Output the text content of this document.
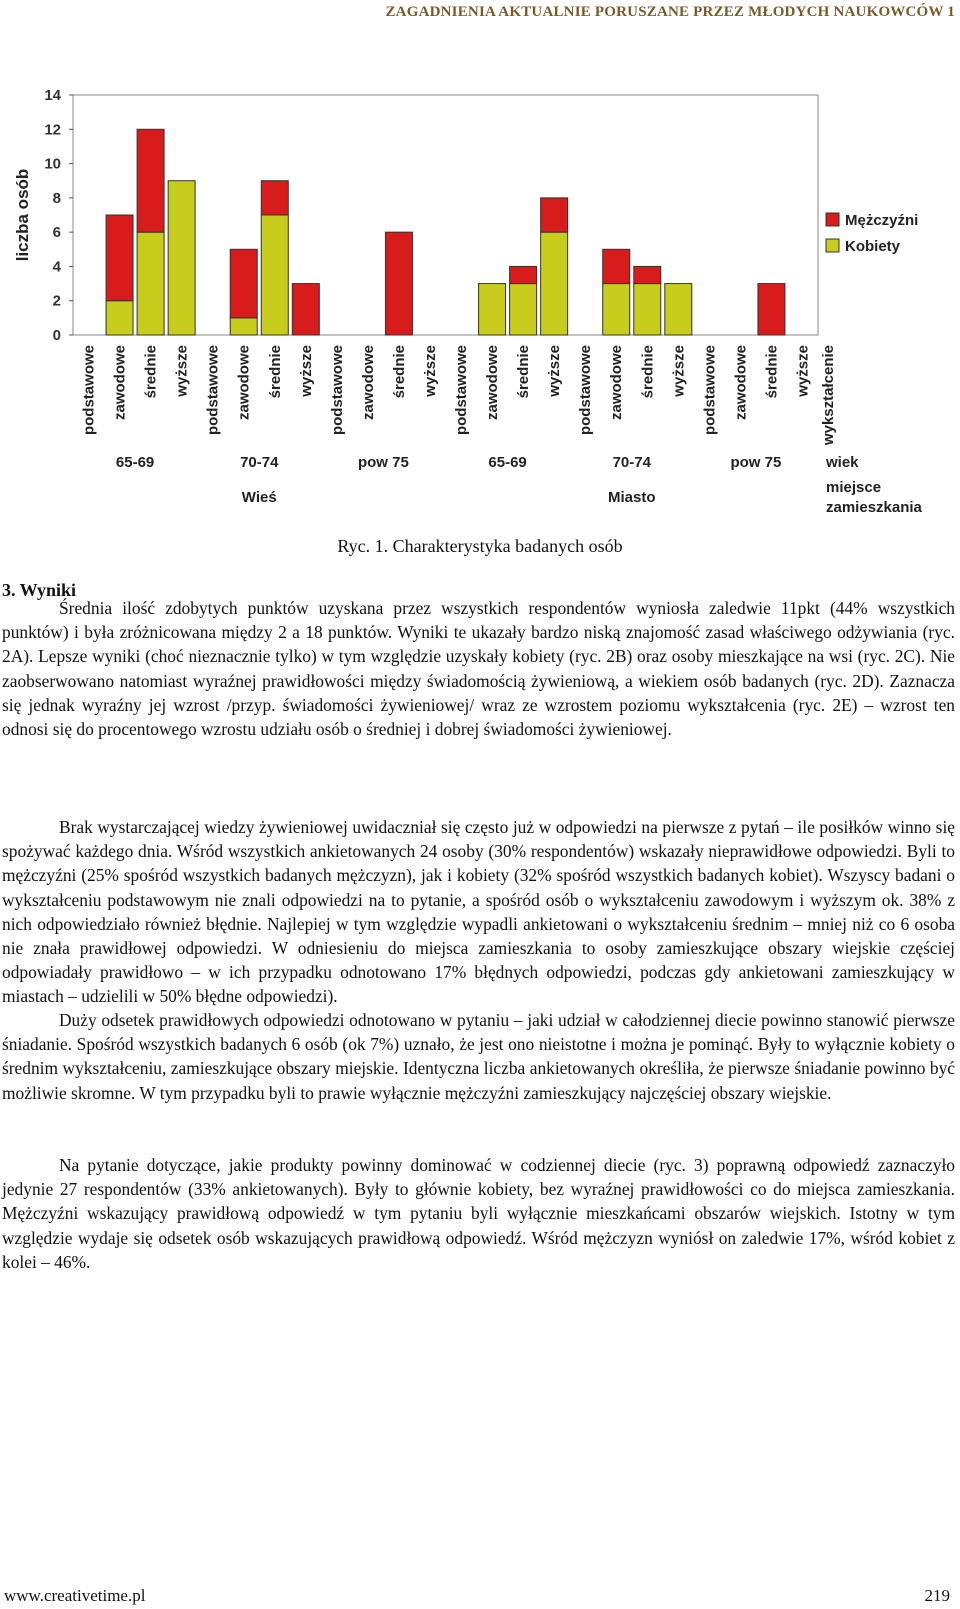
ZAGADNIENIA AKTUALNIE PORUSZANE PRZEZ MŁODYCH NAUKOWCÓW 1
0
2
4
6
8
10
12
14
liczba osób
podstawowe zawodowe średnie wyższe podstawowe zawodowe średnie wyższe podstawowe zawodowe średnie wyższe podstawowe zawodowe średnie wyższe podstawowe zawodowe średnie wyższe podstawowe zawodowe średnie wyższe wykształcenie
65-69	70-74	pow 75	65-69	70-74	pow 75	wiek
Wieś	Miasto
miejsce
zamieszkania
Mężczyźni
Kobiety
Ryc. 1. Charakterystyka badanych osób
3. Wyniki

Średnia ilość zdobytych punktów uzyskana przez wszystkich respondentów wyniosła zaledwie 11pkt (44% wszystkich punktów) i była zróżnicowana między 2 a 18 punktów. Wyniki te ukazały bardzo niską znajomość zasad właściwego odżywiania (ryc. 2A). Lepsze wyniki (choć nieznacznie tylko) w tym względzie uzyskały kobiety (ryc. 2B) oraz osoby mieszkające na wsi (ryc. 2C). Nie zaobserwowano natomiast wyraźnej prawidłowości między świadomością żywieniową, a wiekiem osób badanych (ryc. 2D). Zaznacza się jednak wyraźny jej wzrost /przyp. świadomości żywieniowej/ wraz ze wzrostem poziomu wykształcenia (ryc. 2E) – wzrost ten odnosi się do procentowego wzrostu udziału osób o średniej i dobrej świadomości żywieniowej.

Brak wystarczającej wiedzy żywieniowej uwidaczniał się często już w odpowiedzi na pierwsze z pytań – ile posiłków winno się spożywać każdego dnia. Wśród wszystkich ankietowanych 24 osoby (30% respondentów) wskazały nieprawidłowe odpowiedzi. Byli to mężczyźni (25% spośród wszystkich badanych mężczyzn), jak i kobiety (32% spośród wszystkich badanych kobiet). Wszyscy badani o wykształceniu podstawowym nie znali odpowiedzi na to pytanie, a spośród osób o wykształceniu zawodowym i wyższym ok. 38% z nich odpowiedziało również błędnie. Najlepiej w tym względzie wypadli ankietowani o wykształceniu średnim – mniej niż co 6 osoba nie znała prawidłowej odpowiedzi. W odniesieniu do miejsca zamieszkania to osoby zamieszkujące obszary wiejskie częściej odpowiadały prawidłowo – w ich przypadku odnotowano 17% błędnych odpowiedzi, podczas gdy ankietowani zamieszkujący w miastach – udzielili w 50% błędne odpowiedzi).

Duży odsetek prawidłowych odpowiedzi odnotowano w pytaniu – jaki udział w całodziennej diecie powinno stanowić pierwsze śniadanie. Spośród wszystkich badanych 6 osób (ok 7%) uznało, że jest ono nieistotne i można je pominąć. Były to wyłącznie kobiety o średnim wykształceniu, zamieszkujące obszary miejskie. Identyczna liczba ankietowanych określiła, że pierwsze śniadanie powinno być możliwie skromne. W tym przypadku byli to prawie wyłącznie mężczyźni zamieszkujący najczęściej obszary wiejskie.

Na pytanie dotyczące, jakie produkty powinny dominować w codziennej diecie (ryc. 3) poprawną odpowiedź zaznaczyło jedynie 27 respondentów (33% ankietowanych). Były to głównie kobiety, bez wyraźnej prawidłowości co do miejsca zamieszkania. Mężczyźni wskazujący prawidłową odpowiedź w tym pytaniu byli wyłącznie mieszkańcami obszarów wiejskich. Istotny w tym względzie wydaje się odsetek osób wskazujących prawidłową odpowiedź. Wśród mężczyzn wyniósł on zaledwie 17%, wśród kobiet z kolei – 46%.

www.creativetime.pl	219
